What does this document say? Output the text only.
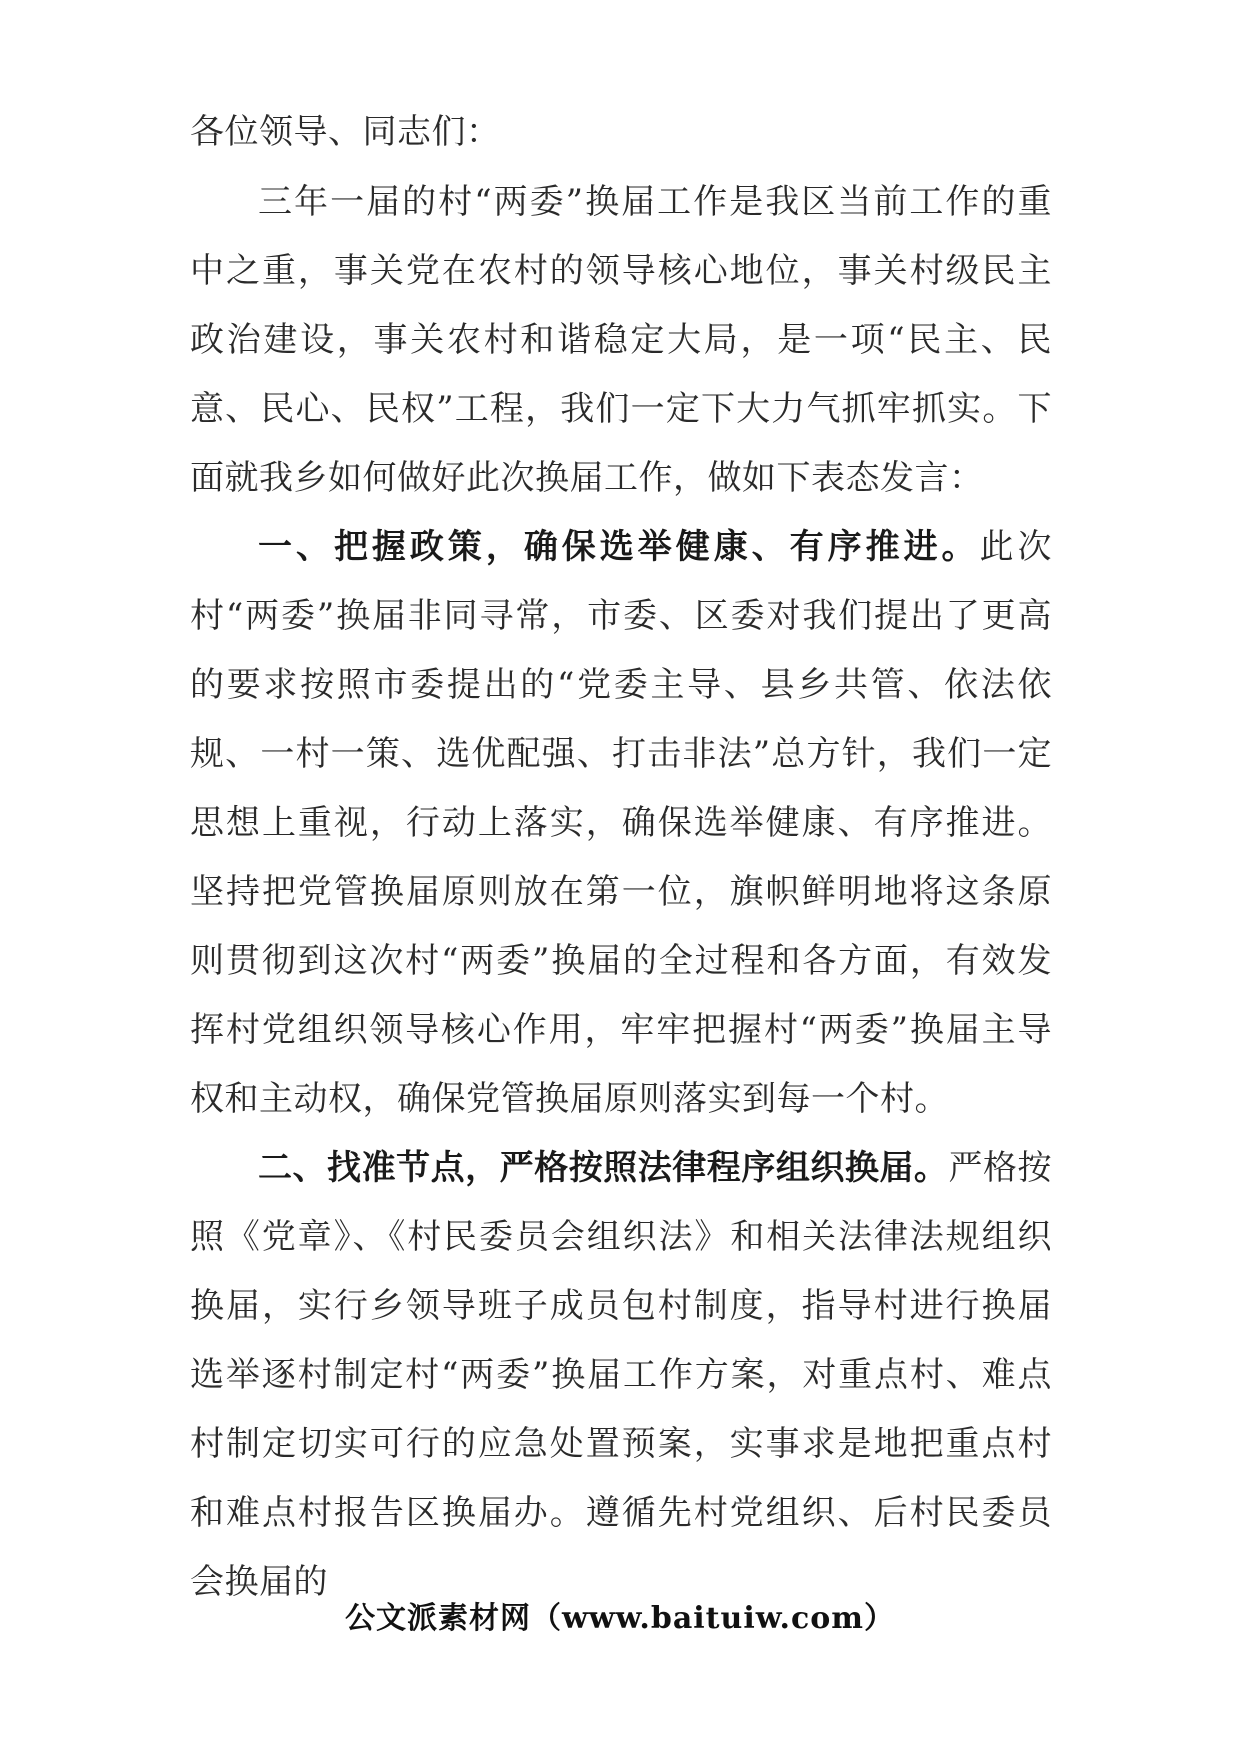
各位领导、同志们：

三年一届的村“两委”换届工作是我区当前工作的重中之重，事关党在农村的领导核心地位，事关村级民主政治建设，事关农村和谐稳定大局，是一项“民主、民意、民心、民权”工程，我们一定下大力气抓牢抓实。下面就我乡如何做好此次换届工作，做如下表态发言：

一、把握政策，确保选举健康、有序推进。此次村“两委”换届非同寻常，市委、区委对我们提出了更高的要求按照市委提出的“党委主导、县乡共管、依法依规、一村一策、选优配强、打击非法”总方针，我们一定思想上重视，行动上落实，确保选举健康、有序推进。坚持把党管换届原则放在第一位，旗帜鲜明地将这条原则贯彻到这次村“两委”换届的全过程和各方面，有效发挥村党组织领导核心作用，牢牢把握村“两委”换届主导权和主动权，确保党管换届原则落实到每一个村。

二、找准节点，严格按照法律程序组织换届。严格按照《党章》、《村民委员会组织法》和相关法律法规组织换届，实行乡领导班子成员包村制度，指导村进行换届选举逐村制定村“两委”换届工作方案，对重点村、难点村制定切实可行的应急处置预案，实事求是地把重点村和难点村报告区换届办。遵循先村党组织、后村民委员会换届的

公文派素材网（www.baituiw.com）
